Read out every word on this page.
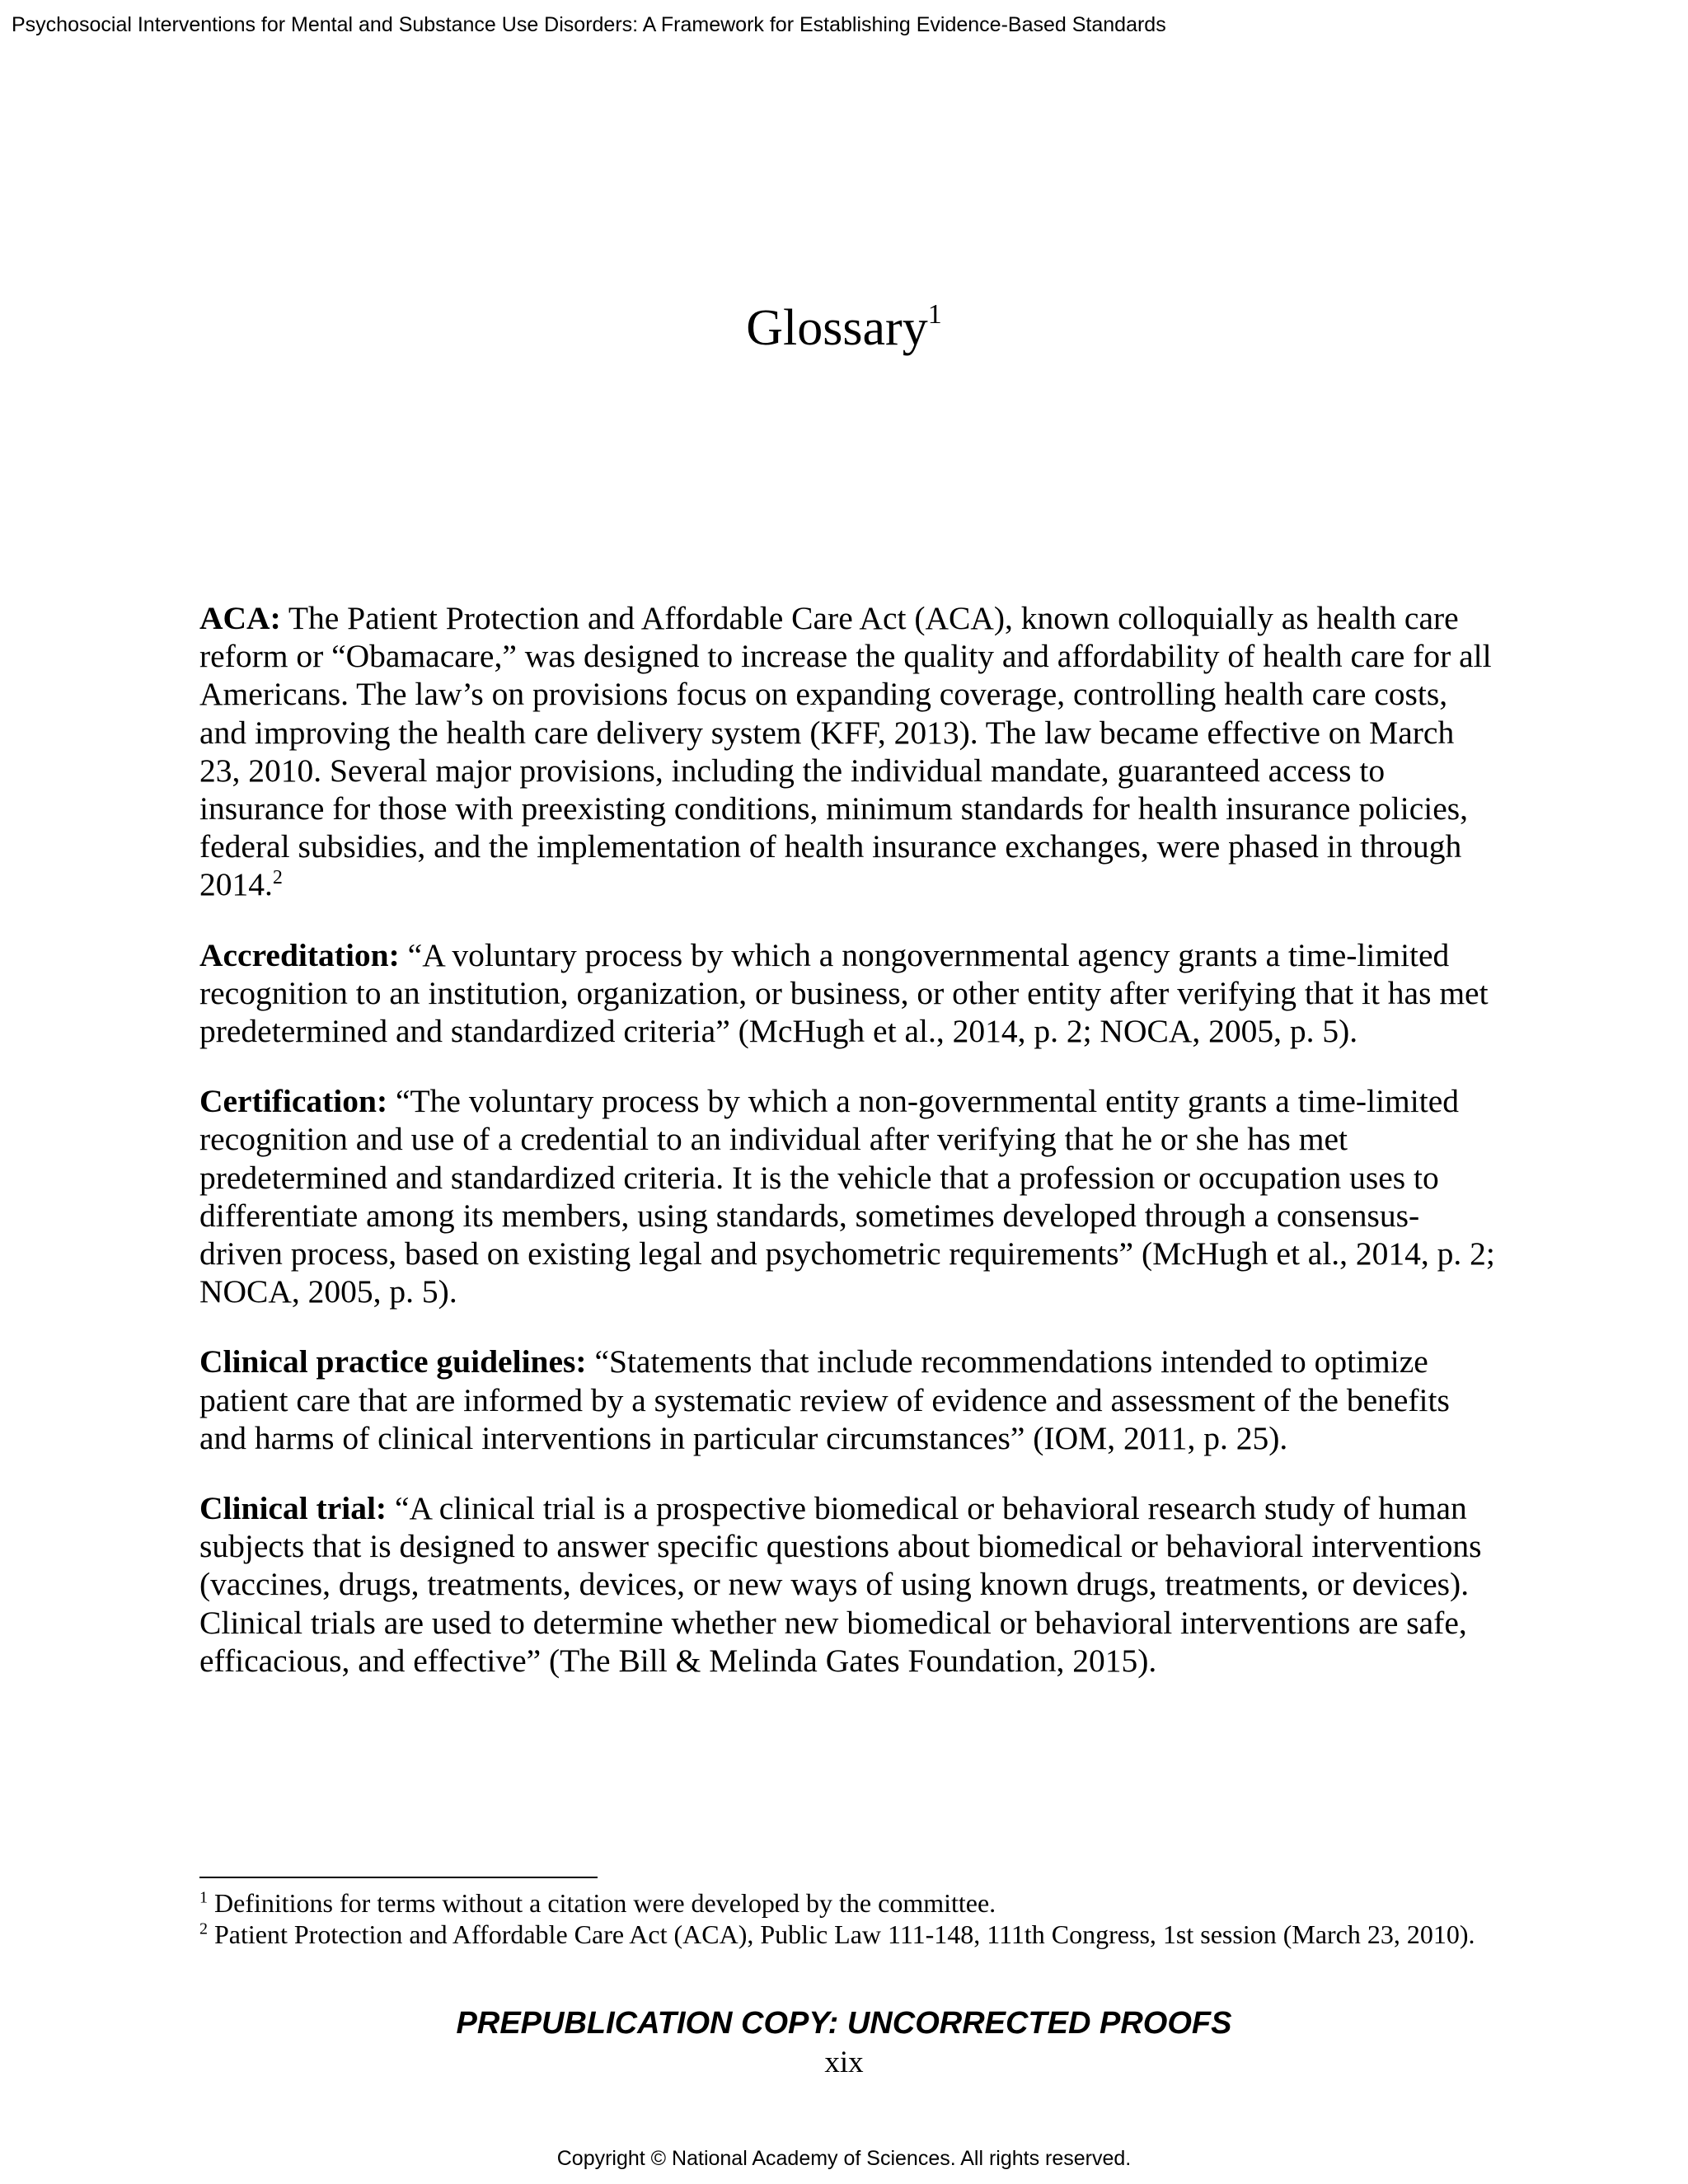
Psychosocial Interventions for Mental and Substance Use Disorders: A Framework for Establishing Evidence-Based Standards
Glossary$^1$

ACA: The Patient Protection and Affordable Care Act (ACA), known colloquially as health care reform or “Obamacare,” was designed to increase the quality and affordability of health care for all Americans. The law’s on provisions focus on expanding coverage, controlling health care costs, and improving the health care delivery system (KFF, 2013). The law became effective on March 23, 2010. Several major provisions, including the individual mandate, guaranteed access to insurance for those with preexisting conditions, minimum standards for health insurance policies, federal subsidies, and the implementation of health insurance exchanges, were phased in through 2014.$^2$

Accreditation: “A voluntary process by which a nongovernmental agency grants a time-limited recognition to an institution, organization, or business, or other entity after verifying that it has met predetermined and standardized criteria” (McHugh et al., 2014, p. 2; NOCA, 2005, p. 5).

Certification: “The voluntary process by which a non-governmental entity grants a time-limited recognition and use of a credential to an individual after verifying that he or she has met predetermined and standardized criteria. It is the vehicle that a profession or occupation uses to differentiate among its members, using standards, sometimes developed through a consensus-driven process, based on existing legal and psychometric requirements” (McHugh et al., 2014, p. 2; NOCA, 2005, p. 5).

Clinical practice guidelines: “Statements that include recommendations intended to optimize patient care that are informed by a systematic review of evidence and assessment of the benefits and harms of clinical interventions in particular circumstances” (IOM, 2011, p. 25).

Clinical trial: “A clinical trial is a prospective biomedical or behavioral research study of human subjects that is designed to answer specific questions about biomedical or behavioral interventions (vaccines, drugs, treatments, devices, or new ways of using known drugs, treatments, or devices). Clinical trials are used to determine whether new biomedical or behavioral interventions are safe, efficacious, and effective” (The Bill & Melinda Gates Foundation, 2015).

$^1$ Definitions for terms without a citation were developed by the committee.

$^2$ Patient Protection and Affordable Care Act (ACA), Public Law 111-148, 111th Congress, 1st session (March 23, 2010).

PREPUBLICATION COPY: UNCORRECTED PROOFS
xix
Copyright © National Academy of Sciences. All rights reserved.
